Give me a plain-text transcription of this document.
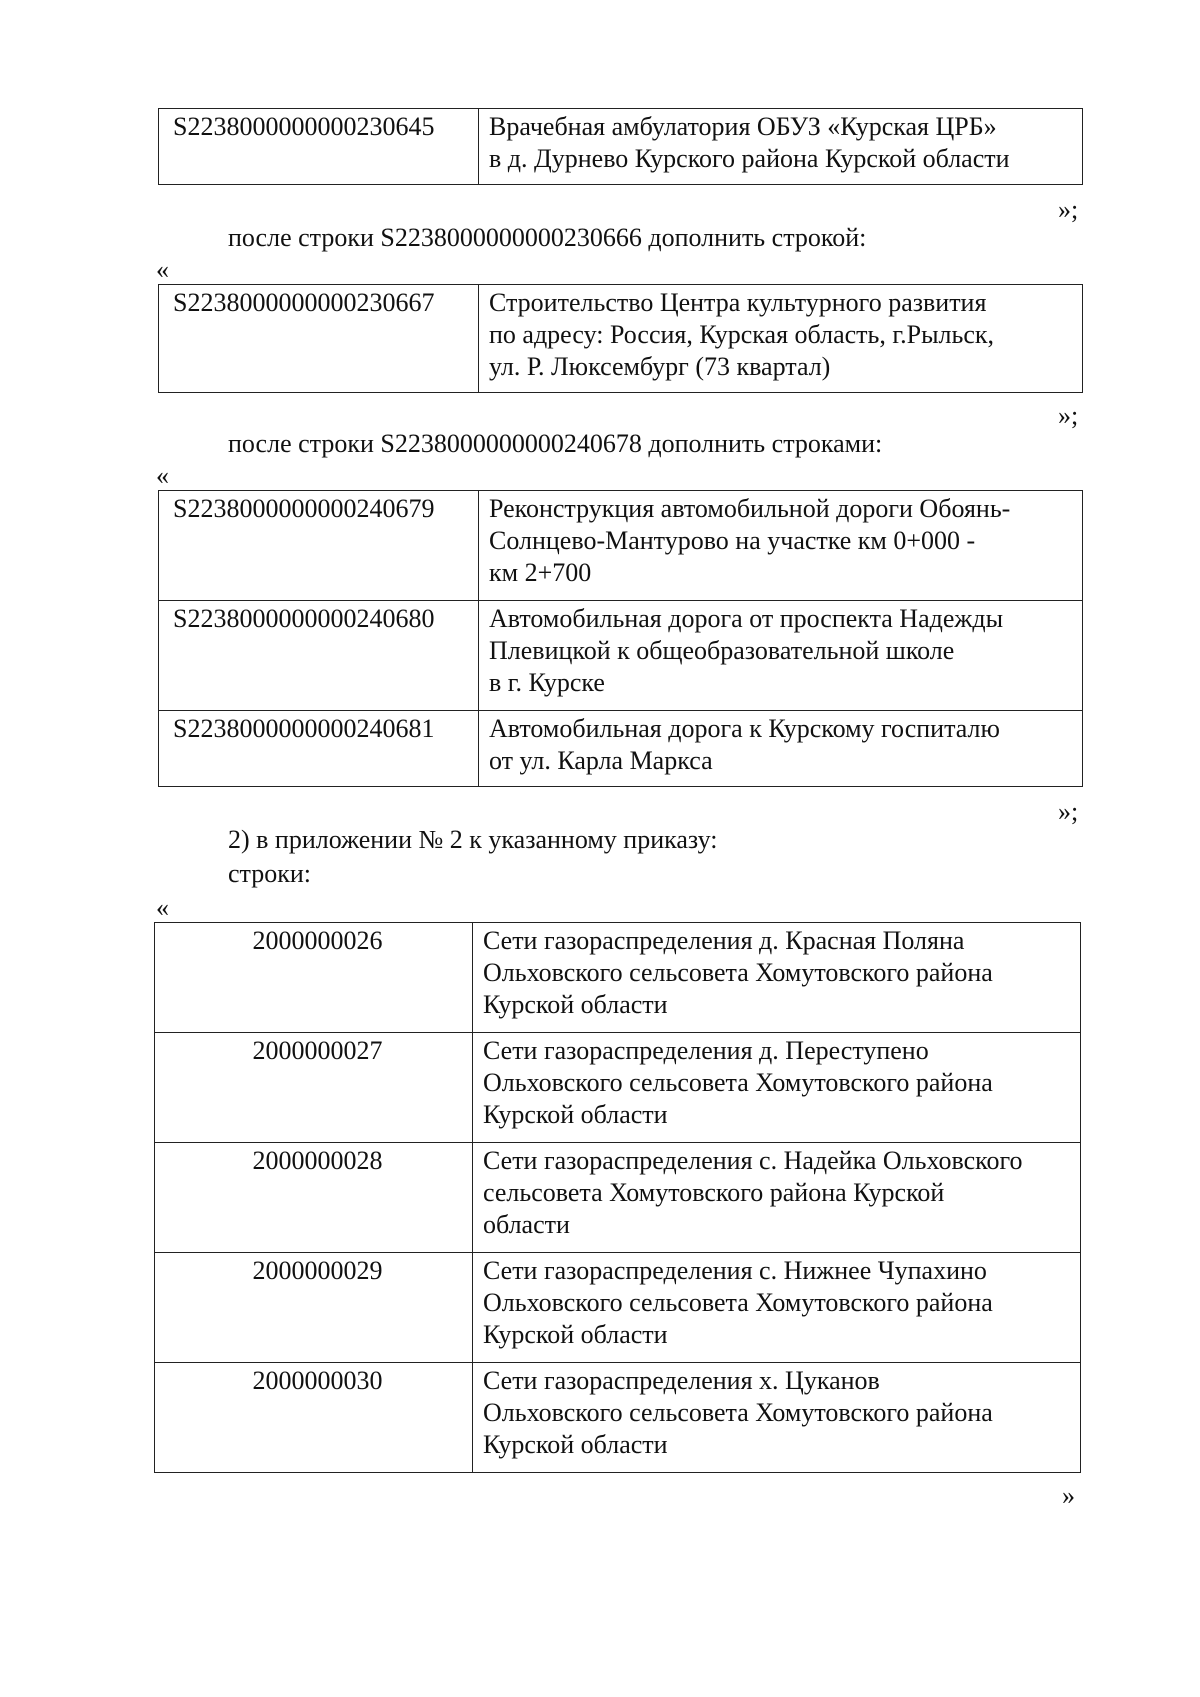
S2238000000000230645	Врачебная амбулатория ОБУЗ «Курская ЦРБ»
в д. Дурнево Курского района Курской области
»;
после строки S2238000000000230666 дополнить строкой:
«
S2238000000000230667	Строительство Центра культурного развития
по адресу: Россия, Курская область, г.Рыльск,
ул. Р. Люксембург (73 квартал)
»;
после строки S2238000000000240678 дополнить строками:
«
S2238000000000240679	Реконструкция автомобильной дороги Обоянь-
Солнцево-Мантурово на участке км 0+000 -
км 2+700
S2238000000000240680	Автомобильная дорога от проспекта Надежды
Плевицкой к общеобразовательной школе
в г. Курске
S2238000000000240681	Автомобильная дорога к Курскому госпиталю
от ул. Карла Маркса
»;
2) в приложении № 2 к указанному приказу:
строки:
«
2000000026	Сети газораспределения д. Красная Поляна
Ольховского сельсовета Хомутовского района
Курской области
2000000027	Сети газораспределения д. Переступено
Ольховского сельсовета Хомутовского района
Курской области
2000000028	Сети газораспределения с. Надейка Ольховского
сельсовета Хомутовского района Курской
области
2000000029	Сети газораспределения с. Нижнее Чупахино
Ольховского сельсовета Хомутовского района
Курской области
2000000030	Сети газораспределения х. Цуканов
Ольховского сельсовета Хомутовского района
Курской области
»
